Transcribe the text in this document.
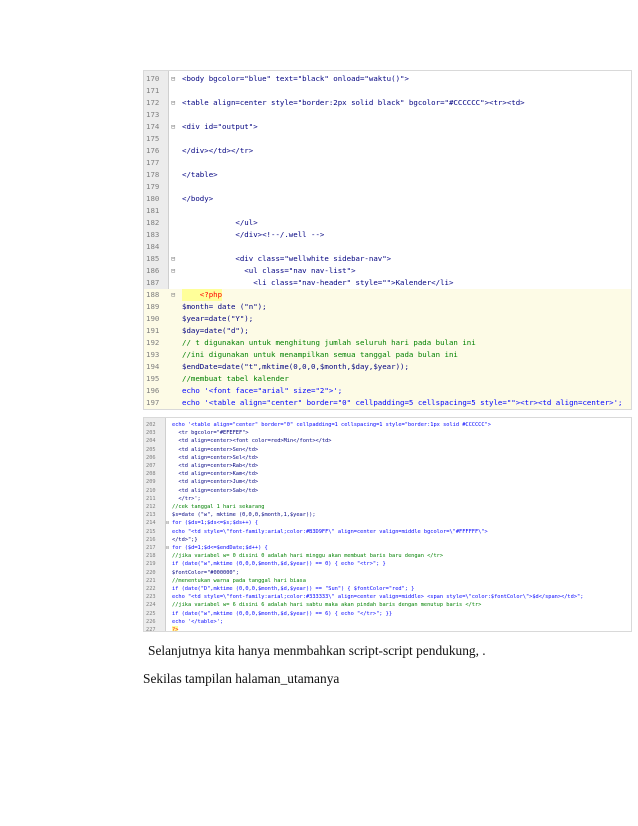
170 ⊟ <body bgcolor="blue" text="black" onload="waktu()">
171
172 ⊟ <table align=center style="border:2px solid black" bgcolor="#CCCCCC"><tr><td>
173
174 ⊟ <div id="output">
175
176	</div></td></tr>
177
178	</table>
179
180	</body>
181
182	</ul>
183	</div><!--/.well -->
184
185 ⊟ <div class="wellwhite sidebar-nav">
186 ⊟ <ul class="nav nav-list">
187	<li class="nav-header" style="">Kalender</li>
188 ⊟ <?php
189	$month= date ("n");
190	$year=date("Y");
191	$day=date("d");
192	// t digunakan untuk menghitung jumlah seluruh hari pada bulan ini
193	//ini digunakan untuk menampilkan semua tanggal pada bulan ini
194	$endDate=date("t",mktime(0,0,0,$month,$day,$year));
195	//membuat tabel kalender
196	echo '<font face="arial" size="2">';
197	echo '<table align="center" border="0" cellpadding=5 cellspacing=5 style=""><tr><td align=center>';
202	echo '<table align="center" border="0" cellpadding=1 cellspacing=1 style="border:1px solid #CCCCCC">
203	<tr bgcolor="#EFEFEF">
204	<td align=center><font color=red>Min</font></td>
205	<td align=center>Sen</td>
206	<td align=center>Sel</td>
207	<td align=center>Rab</td>
208	<td align=center>Kam</td>
209	<td align=center>Jum</td>
210	<td align=center>Sab</td>
211	</tr>';
212	//cek tanggal 1 hari sekarang
213	$s=date ("w", mktime (0,0,0,$month,1,$year));
214 ⊟ for ($ds=1;$ds<=$s;$ds++) {
215	echo "<td style=\"font-family:arial;color:#B3D9FF\" align=center valign=middle bgcolor=\"#FFFFFF\">
216	</td>";}
217 ⊟ for ($d=1;$d<=$endDate;$d++) {
218	//jika variabel w= 0 disini 0 adalah hari minggu akan membuat baris baru dengan </tr>
219	if (date("w",mktime (0,0,0,$month,$d,$year)) == 0) { echo "<tr>"; }
220	$fontColor="#000000";
221	//menentukan warna pada tanggal hari biasa
222	if (date("D",mktime (0,0,0,$month,$d,$year)) == "Sun") { $fontColor="red"; }
223	echo "<td style=\"font-family:arial;color:#333333\" align=center valign=middle> <span style=\"color:$fontColor\">$d</span></td>";
224	//jika variabel w= 6 disini 6 adalah hari sabtu maka akan pindah baris dengan menutup baris </tr>
225	if (date("w",mktime (0,0,0,$month,$d,$year)) == 6) { echo "</tr>"; }}
226	echo '</table>';
227	?>
Selanjutnya kita hanya menmbahkan script-script pendukung, .
Sekilas tampilan halaman_utamanya
